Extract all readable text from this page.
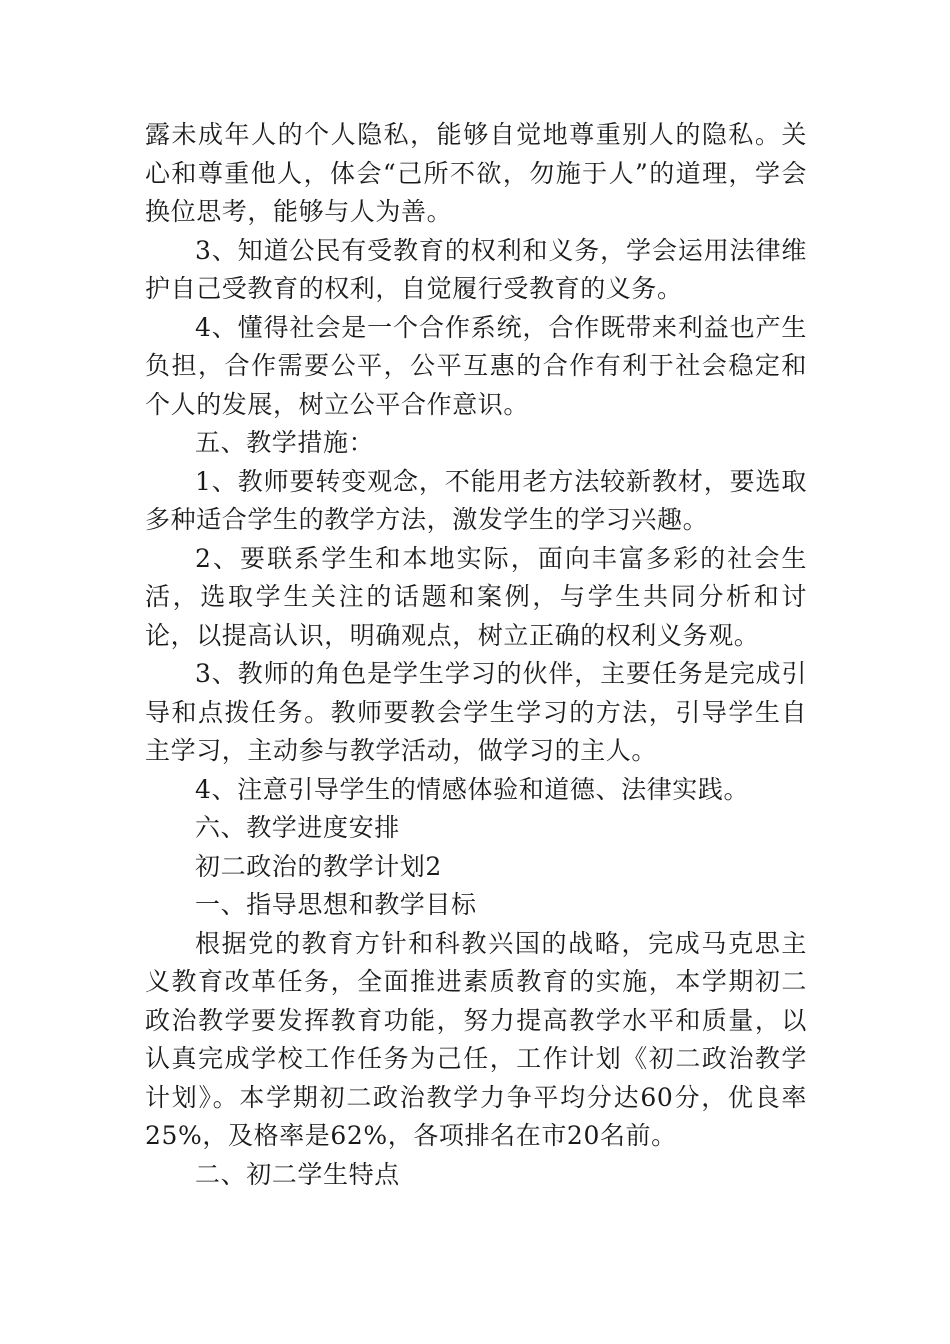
露未成年人的个人隐私，能够自觉地尊重别人的隐私。关心和尊重他人，体会“己所不欲，勿施于人”的道理，学会换位思考，能够与人为善。

3、知道公民有受教育的权利和义务，学会运用法律维护自己受教育的权利，自觉履行受教育的义务。

4、懂得社会是一个合作系统，合作既带来利益也产生负担，合作需要公平，公平互惠的合作有利于社会稳定和个人的发展，树立公平合作意识。

五、教学措施：

1、教师要转变观念，不能用老方法较新教材，要选取多种适合学生的教学方法，激发学生的学习兴趣。

2、要联系学生和本地实际，面向丰富多彩的社会生活，选取学生关注的话题和案例，与学生共同分析和讨论，以提高认识，明确观点，树立正确的权利义务观。

3、教师的角色是学生学习的伙伴，主要任务是完成引导和点拨任务。教师要教会学生学习的方法，引导学生自主学习，主动参与教学活动，做学习的主人。

4、注意引导学生的情感体验和道德、法律实践。

六、教学进度安排

初二政治的教学计划2

一、指导思想和教学目标

根据党的教育方针和科教兴国的战略，完成马克思主义教育改革任务，全面推进素质教育的实施，本学期初二政治教学要发挥教育功能，努力提高教学水平和质量，以认真完成学校工作任务为己任，工作计划《初二政治教学计划》。本学期初二政治教学力争平均分达60分，优良率25%，及格率是62%，各项排名在市20名前。

二、初二学生特点
